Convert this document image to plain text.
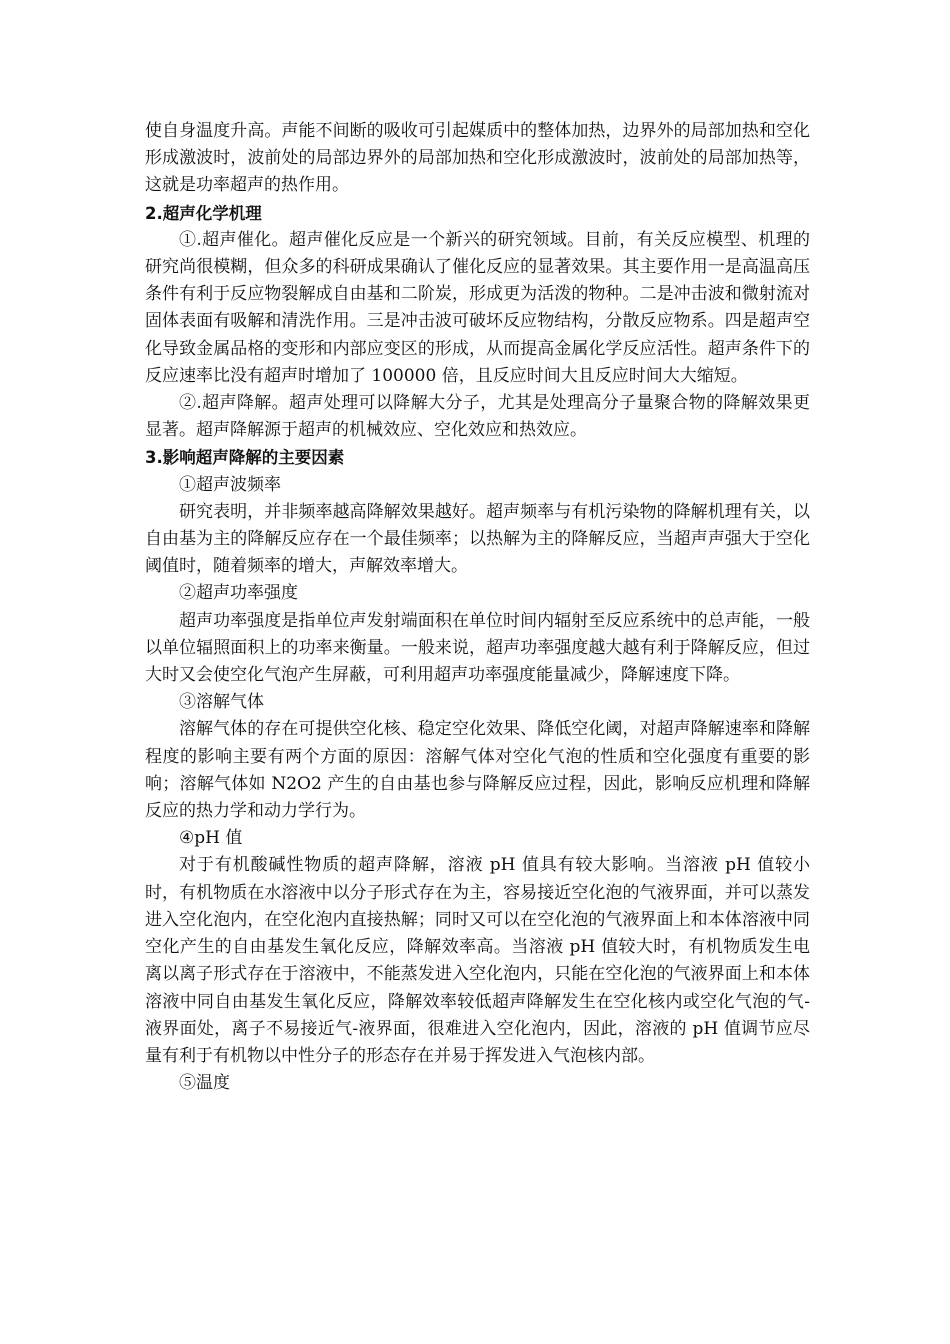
使自身温度升高。声能不间断的吸收可引起媒质中的整体加热，边界外的局部加热和空化形成激波时，波前处的局部边界外的局部加热和空化形成激波时，波前处的局部加热等，这就是功率超声的热作用。

2.超声化学机理

①.超声催化。超声催化反应是一个新兴的研究领域。目前，有关反应模型、机理的研究尚很模糊，但众多的科研成果确认了催化反应的显著效果。其主要作用一是高温高压条件有利于反应物裂解成自由基和二阶炭，形成更为活泼的物种。二是冲击波和微射流对固体表面有吸解和清洗作用。三是冲击波可破坏反应物结构，分散反应物系。四是超声空化导致金属品格的变形和内部应变区的形成，从而提高金属化学反应活性。超声条件下的反应速率比没有超声时增加了 100000 倍，且反应时间大且反应时间大大缩短。

②.超声降解。超声处理可以降解大分子，尤其是处理高分子量聚合物的降解效果更显著。超声降解源于超声的机械效应、空化效应和热效应。

3.影响超声降解的主要因素

①超声波频率

研究表明，并非频率越高降解效果越好。超声频率与有机污染物的降解机理有关，以自由基为主的降解反应存在一个最佳频率；以热解为主的降解反应，当超声声强大于空化阈值时，随着频率的增大，声解效率增大。

②超声功率强度

超声功率强度是指单位声发射端面积在单位时间内辐射至反应系统中的总声能，一般以单位辐照面积上的功率来衡量。一般来说，超声功率强度越大越有利于降解反应，但过大时又会使空化气泡产生屏蔽，可利用超声功率强度能量减少，降解速度下降。

③溶解气体

溶解气体的存在可提供空化核、稳定空化效果、降低空化阈，对超声降解速率和降解程度的影响主要有两个方面的原因：溶解气体对空化气泡的性质和空化强度有重要的影响；溶解气体如 N2O2 产生的自由基也参与降解反应过程，因此，影响反应机理和降解反应的热力学和动力学行为。

④pH 值

对于有机酸碱性物质的超声降解，溶液 pH 值具有较大影响。当溶液 pH 值较小时，有机物质在水溶液中以分子形式存在为主，容易接近空化泡的气液界面，并可以蒸发进入空化泡内，在空化泡内直接热解；同时又可以在空化泡的气液界面上和本体溶液中同空化产生的自由基发生氧化反应，降解效率高。当溶液 pH 值较大时，有机物质发生电离以离子形式存在于溶液中，不能蒸发进入空化泡内，只能在空化泡的气液界面上和本体溶液中同自由基发生氧化反应，降解效率较低超声降解发生在空化核内或空化气泡的气-液界面处，离子不易接近气-液界面，很难进入空化泡内，因此，溶液的 pH 值调节应尽量有利于有机物以中性分子的形态存在并易于挥发进入气泡核内部。

⑤温度
